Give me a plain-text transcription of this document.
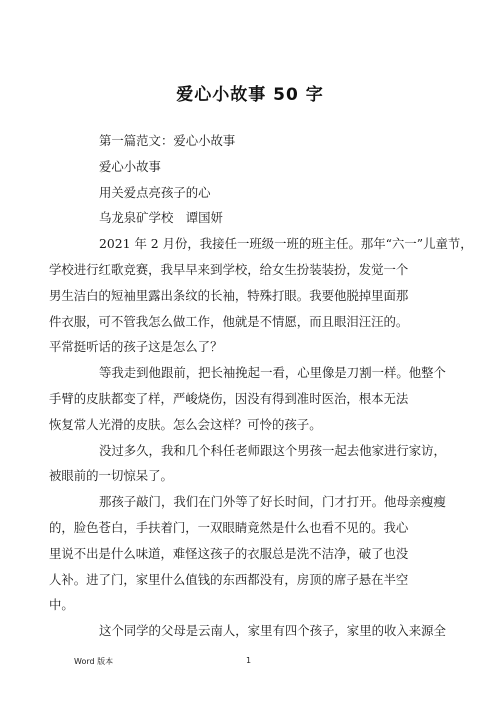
爱心小故事 50 字
第一篇范文：爱心小故事
爱心小故事
用关爱点亮孩子的心
乌龙泉矿学校　谭国妍
2021 年 2 月份，我接任一班级一班的班主任。那年“六一”儿童节，
学校进行红歌竞赛，我早早来到学校，给女生扮装装扮，发觉一个
男生洁白的短袖里露出条纹的长袖，特殊打眼。我要他脱掉里面那
件衣服，可不管我怎么做工作，他就是不情愿，而且眼泪汪汪的。
平常挺听话的孩子这是怎么了？
等我走到他跟前，把长袖挽起一看，心里像是刀割一样。他整个
手臂的皮肤都变了样，严峻烧伤，因没有得到准时医治，根本无法
恢复常人光滑的皮肤。怎么会这样？可怜的孩子。
没过多久，我和几个科任老师跟这个男孩一起去他家进行家访，
被眼前的一切惊呆了。
那孩子敲门，我们在门外等了好长时间，门才打开。他母亲瘦瘦
的，脸色苍白，手扶着门，一双眼睛竟然是什么也看不见的。我心
里说不出是什么味道，难怪这孩子的衣服总是洗不洁净，破了也没
人补。进了门，家里什么值钱的东西都没有，房顶的席子悬在半空
中。
这个同学的父母是云南人，家里有四个孩子，家里的收入来源全
Word 版本	1
